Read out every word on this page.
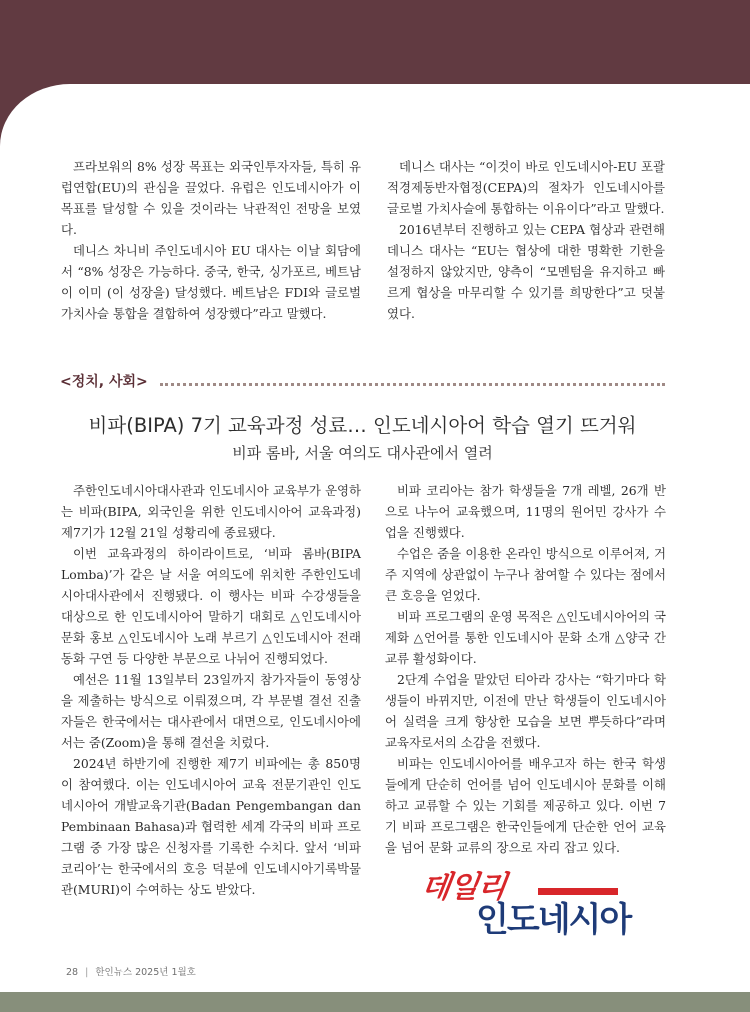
프라보워의 8% 성장 목표는 외국인투자자들, 특히 유럽연합(EU)의 관심을 끌었다. 유럽은 인도네시아가 이 목표를 달성할 수 있을 것이라는 낙관적인 전망을 보였다.

데니스 차니비 주인도네시아 EU 대사는 이날 회담에서 “8% 성장은 가능하다. 중국, 한국, 싱가포르, 베트남이 이미 (이 성장을) 달성했다. 베트남은 FDI와 글로벌 가치사슬 통합을 결합하여 성장했다”라고 말했다.

데니스 대사는 “이것이 바로 인도네시아-EU 포괄적경제동반자협정(CEPA)의 절차가 인도네시아를 글로벌 가치사슬에 통합하는 이유이다”라고 말했다.

2016년부터 진행하고 있는 CEPA 협상과 관련해 데니스 대사는 “EU는 협상에 대한 명확한 기한을 설정하지 않았지만, 양측이 “모멘텀을 유지하고 빠르게 협상을 마무리할 수 있기를 희망한다”고 덧붙였다.

<정치, 사회>
비파(BIPA) 7기 교육과정 성료… 인도네시아어 학습 열기 뜨거워
비파 롬바, 서울 여의도 대사관에서 열려

주한인도네시아대사관과 인도네시아 교육부가 운영하는 비파(BIPA, 외국인을 위한 인도네시아어 교육과정) 제7기가 12월 21일 성황리에 종료됐다.

이번 교육과정의 하이라이트로, ‘비파 롬바(BIPA Lomba)’가 같은 날 서울 여의도에 위치한 주한인도네시아대사관에서 진행됐다. 이 행사는 비파 수강생들을 대상으로 한 인도네시아어 말하기 대회로 △인도네시아 문화 홍보 △인도네시아 노래 부르기 △인도네시아 전래동화 구연 등 다양한 부문으로 나뉘어 진행되었다.

예선은 11월 13일부터 23일까지 참가자들이 동영상을 제출하는 방식으로 이뤄졌으며, 각 부문별 결선 진출자들은 한국에서는 대사관에서 대면으로, 인도네시아에서는 줌(Zoom)을 통해 결선을 치렀다.

2024년 하반기에 진행한 제7기 비파에는 총 850명이 참여했다. 이는 인도네시아어 교육 전문기관인 인도네시아어 개발교육기관(Badan Pengembangan dan Pembinaan Bahasa)과 협력한 세계 각국의 비파 프로그램 중 가장 많은 신청자를 기록한 수치다. 앞서 ‘비파 코리아’는 한국에서의 호응 덕분에 인도네시아기록박물관(MURI)이 수여하는 상도 받았다.

비파 코리아는 참가 학생들을 7개 레벨, 26개 반으로 나누어 교육했으며, 11명의 원어민 강사가 수업을 진행했다.

수업은 줌을 이용한 온라인 방식으로 이루어져, 거주 지역에 상관없이 누구나 참여할 수 있다는 점에서 큰 호응을 얻었다.

비파 프로그램의 운영 목적은 △인도네시아어의 국제화 △언어를 통한 인도네시아 문화 소개 △양국 간 교류 활성화이다.

2단계 수업을 맡았던 티아라 강사는 “학기마다 학생들이 바뀌지만, 이전에 만난 학생들이 인도네시아어 실력을 크게 향상한 모습을 보면 뿌듯하다”라며 교육자로서의 소감을 전했다.

비파는 인도네시아어를 배우고자 하는 한국 학생들에게 단순히 언어를 넘어 인도네시아 문화를 이해하고 교류할 수 있는 기회를 제공하고 있다. 이번 7기 비파 프로그램은 한국인들에게 단순한 언어 교육을 넘어 문화 교류의 장으로 자리 잡고 있다.

데일리
인도네시아
28 | 한인뉴스 2025년 1월호
